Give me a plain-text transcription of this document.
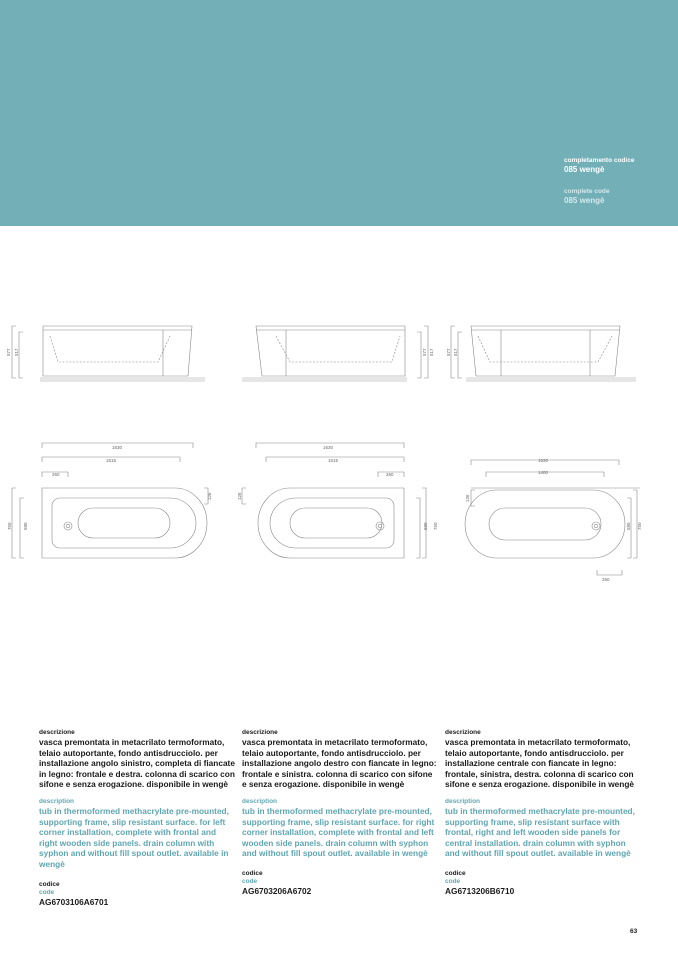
completamento codice
085 wengè
complete code
085 wengè
577 517	577 517	577 517
1630
1515
260
126
750 580
1630
1515
260
126
580 750
1630
1400
126
580 750
260
descrizione
vasca premontata in metacrilato termoformato, telaio autoportante, fondo antisdrucciolo. per installazione angolo sinistro, completa di fiancate in legno: frontale e destra. colonna di scarico con sifone e senza erogazione. disponibile in wengè
description
tub in thermoformed methacrylate pre-mounted, supporting frame, slip resistant surface. for left corner installation, complete with frontal and right wooden side panels. drain column with syphon and without fill spout outlet. available in wengè
codice
code
AG6703106A6701
descrizione
vasca premontata in metacrilato termoformato, telaio autoportante, fondo antisdrucciolo. per installazione angolo destro con fiancate in legno: frontale e sinistra. colonna di scarico con sifone e senza erogazione. disponibile in wengè
description
tub in thermoformed methacrylate pre-mounted, supporting frame, slip resistant surface. for right corner installation, complete with frontal and left wooden side panels. drain column with syphon and without fill spout outlet. available in wengè
codice
code
AG6703206A6702
descrizione
vasca premontata in metacrilato termoformato, telaio autoportante, fondo antisdrucciolo. per installazione centrale con fiancate in legno: frontale, sinistra, destra. colonna di scarico con sifone e senza erogazione. disponibile in wengè
description
tub in thermoformed methacrylate pre-mounted, supporting frame, slip resistant surface with frontal, right and left wooden side panels for central installation. drain column with syphon and without fill spout outlet. available in wengè
codice
code
AG6713206B6710
63
